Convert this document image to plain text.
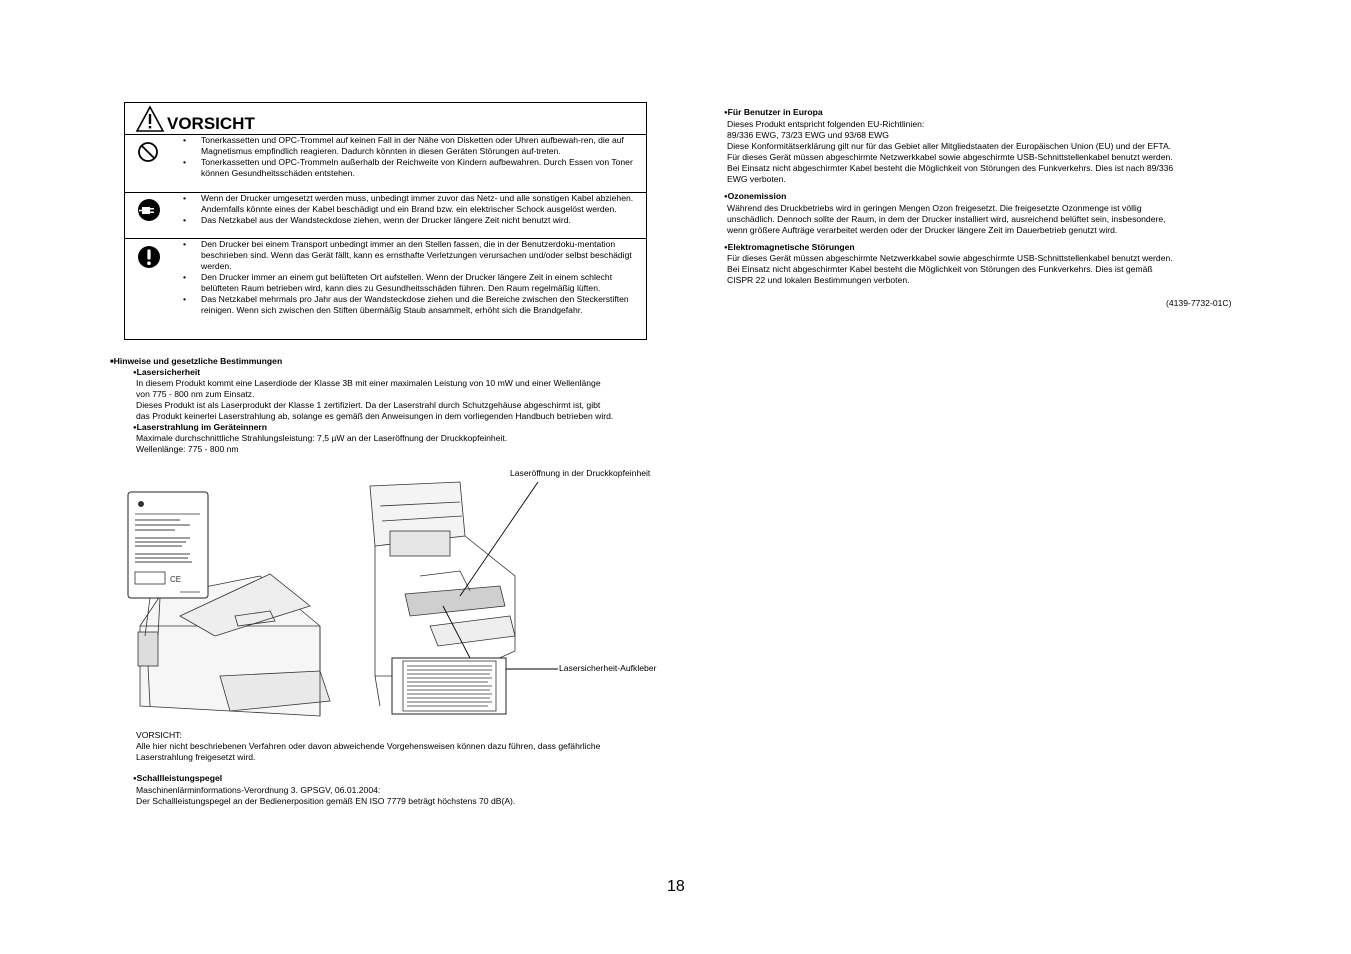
VORSICHT
• Tonerkassetten und OPC-Trommel auf keinen Fall in der Nähe von Disketten oder Uhren aufbewah-ren, die auf Magnetismus empfindlich reagieren. Dadurch könnten in diesen Geräten Störungen auf-treten.
• Tonerkassetten und OPC-Trommeln außerhalb der Reichweite von Kindern aufbewahren. Durch Essen von Toner können Gesundheitsschäden entstehen.
• Wenn der Drucker umgesetzt werden muss, unbedingt immer zuvor das Netz- und alle sonstigen Kabel abziehen. Andernfalls könnte eines der Kabel beschädigt und ein Brand bzw. ein elektrischer Schock ausgelöst werden.
• Das Netzkabel aus der Wandsteckdose ziehen, wenn der Drucker längere Zeit nicht benutzt wird.
• Den Drucker bei einem Transport unbedingt immer an den Stellen fassen, die in der Benutzerdoku-mentation beschrieben sind. Wenn das Gerät fällt, kann es ernsthafte Verletzungen verursachen und/oder selbst beschädigt werden.
• Den Drucker immer an einem gut belüfteten Ort aufstellen. Wenn der Drucker längere Zeit in einem schlecht belüfteten Raum betrieben wird, kann dies zu Gesundheitsschäden führen. Den Raum regelmäßig lüften.
• Das Netzkabel mehrmals pro Jahr aus der Wandsteckdose ziehen und die Bereiche zwischen den Steckerstiften reinigen. Wenn sich zwischen den Stiften übermäßig Staub ansammelt, erhöht sich die Brandgefahr.
■ Hinweise und gesetzliche Bestimmungen
● Lasersicherheit
In diesem Produkt kommt eine Laserdiode der Klasse 3B mit einer maximalen Leistung von 10 mW und einer Wellenlänge
von 775 - 800 nm zum Einsatz.
Dieses Produkt ist als Laserprodukt der Klasse 1 zertifiziert. Da der Laserstrahl durch Schutzgehäuse abgeschirmt ist, gibt
das Produkt keinerlei Laserstrahlung ab, solange es gemäß den Anweisungen in dem vorliegenden Handbuch betrieben wird.
● Laserstrahlung im Geräteinnern
Maximale durchschnittliche Strahlungsleistung: 7,5 µW an der Laseröffnung der Druckkopfeinheit.
Wellenlänge: 775 - 800 nm
Laseröffnung in der Druckkopfeinheit
Lasersicherheit-Aufkleber
CE
VORSICHT:
Alle hier nicht beschriebenen Verfahren oder davon abweichende Vorgehensweisen können dazu führen, dass gefährliche
Laserstrahlung freigesetzt wird.
● Schallleistungspegel
Maschinenlärminformations-Verordnung 3. GPSGV, 06.01.2004:
Der Schallleistungspegel an der Bedienerposition gemäß EN ISO 7779 beträgt höchstens 70 dB(A).
● Für Benutzer in Europa
Dieses Produkt entspricht folgenden EU-Richtlinien:
89/336 EWG, 73/23 EWG und 93/68 EWG
Diese Konformitätserklärung gilt nur für das Gebiet aller Mitgliedstaaten der Europäischen Union (EU) und der EFTA.
Für dieses Gerät müssen abgeschirmte Netzwerkkabel sowie abgeschirmte USB-Schnittstellenkabel benutzt werden.
Bei Einsatz nicht abgeschirmter Kabel besteht die Möglichkeit von Störungen des Funkverkehrs. Dies ist nach 89/336
EWG verboten.
● Ozonemission
Während des Druckbetriebs wird in geringen Mengen Ozon freigesetzt. Die freigesetzte Ozonmenge ist völlig
unschädlich. Dennoch sollte der Raum, in dem der Drucker installiert wird, ausreichend belüftet sein, insbesondere,
wenn größere Aufträge verarbeitet werden oder der Drucker längere Zeit im Dauerbetrieb genutzt wird.
● Elektromagnetische Störungen
Für dieses Gerät müssen abgeschirmte Netzwerkkabel sowie abgeschirmte USB-Schnittstellenkabel benutzt werden.
Bei Einsatz nicht abgeschirmter Kabel besteht die Möglichkeit von Störungen des Funkverkehrs. Dies ist gemäß
CISPR 22 und lokalen Bestimmungen verboten.
(4139-7732-01C)
18
